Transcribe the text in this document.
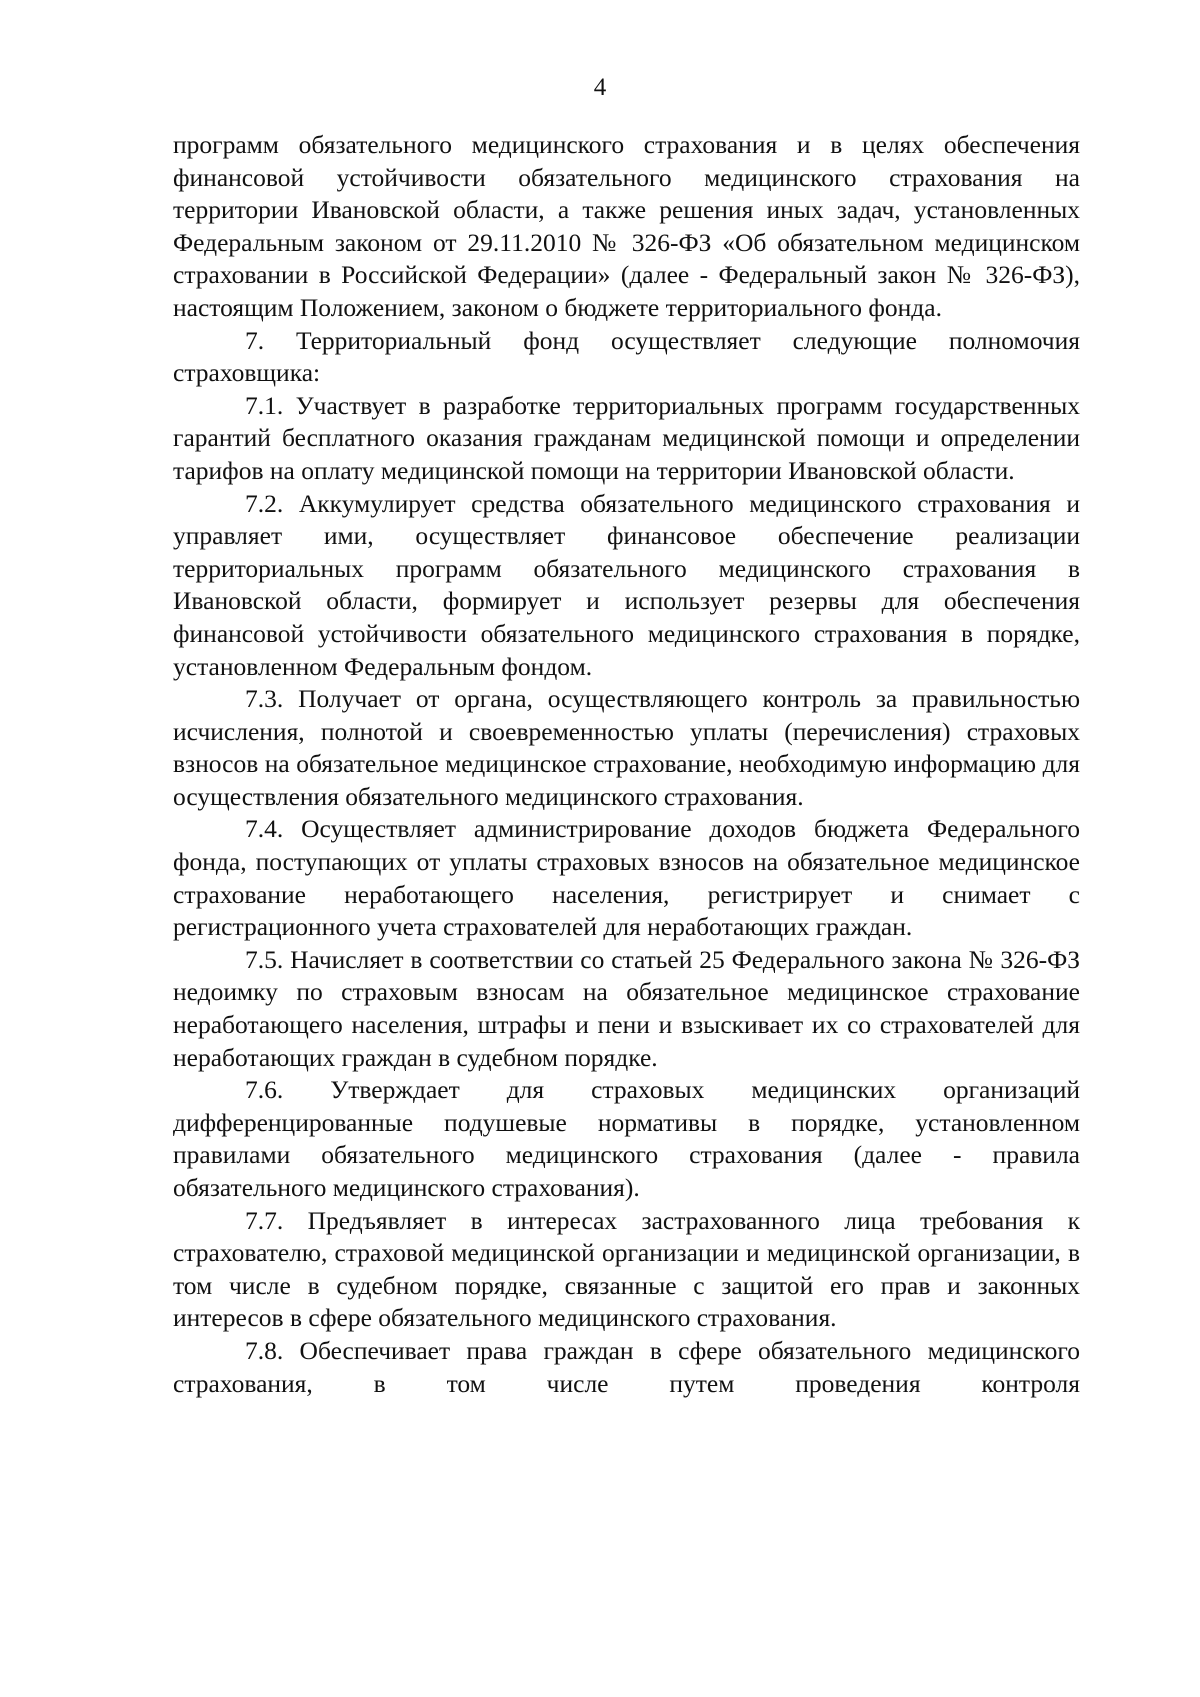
4

программ обязательного медицинского страхования и в целях обеспечения финансовой устойчивости обязательного медицинского страхования на территории Ивановской области, а также решения иных задач, установленных Федеральным законом от 29.11.2010 № 326-ФЗ «Об обязательном медицинском страховании в Российской Федерации» (далее - Федеральный закон № 326-ФЗ), настоящим Положением, законом о бюджете территориального фонда.

7. Территориальный фонд осуществляет следующие полномочия страховщика:

7.1. Участвует в разработке территориальных программ государственных гарантий бесплатного оказания гражданам медицинской помощи и определении тарифов на оплату медицинской помощи на территории Ивановской области.

7.2. Аккумулирует средства обязательного медицинского страхования и управляет ими, осуществляет финансовое обеспечение реализации территориальных программ обязательного медицинского страхования в Ивановской области, формирует и использует резервы для обеспечения финансовой устойчивости обязательного медицинского страхования в порядке, установленном Федеральным фондом.

7.3. Получает от органа, осуществляющего контроль за правильностью исчисления, полнотой и своевременностью уплаты (перечисления) страховых взносов на обязательное медицинское страхование, необходимую информацию для осуществления обязательного медицинского страхования.

7.4. Осуществляет администрирование доходов бюджета Федерального фонда, поступающих от уплаты страховых взносов на обязательное медицинское страхование неработающего населения, регистрирует и снимает с регистрационного учета страхователей для неработающих граждан.

7.5. Начисляет в соответствии со статьей 25 Федерального закона № 326-ФЗ недоимку по страховым взносам на обязательное медицинское страхование неработающего населения, штрафы и пени и взыскивает их со страхователей для неработающих граждан в судебном порядке.

7.6. Утверждает для страховых медицинских организаций дифференцированные подушевые нормативы в порядке, установленном правилами обязательного медицинского страхования (далее - правила обязательного медицинского страхования).

7.7. Предъявляет в интересах застрахованного лица требования к страхователю, страховой медицинской организации и медицинской организации, в том числе в судебном порядке, связанные с защитой его прав и законных интересов в сфере обязательного медицинского страхования.

7.8. Обеспечивает права граждан в сфере обязательного медицинского страхования, в том числе путем проведения контроля
